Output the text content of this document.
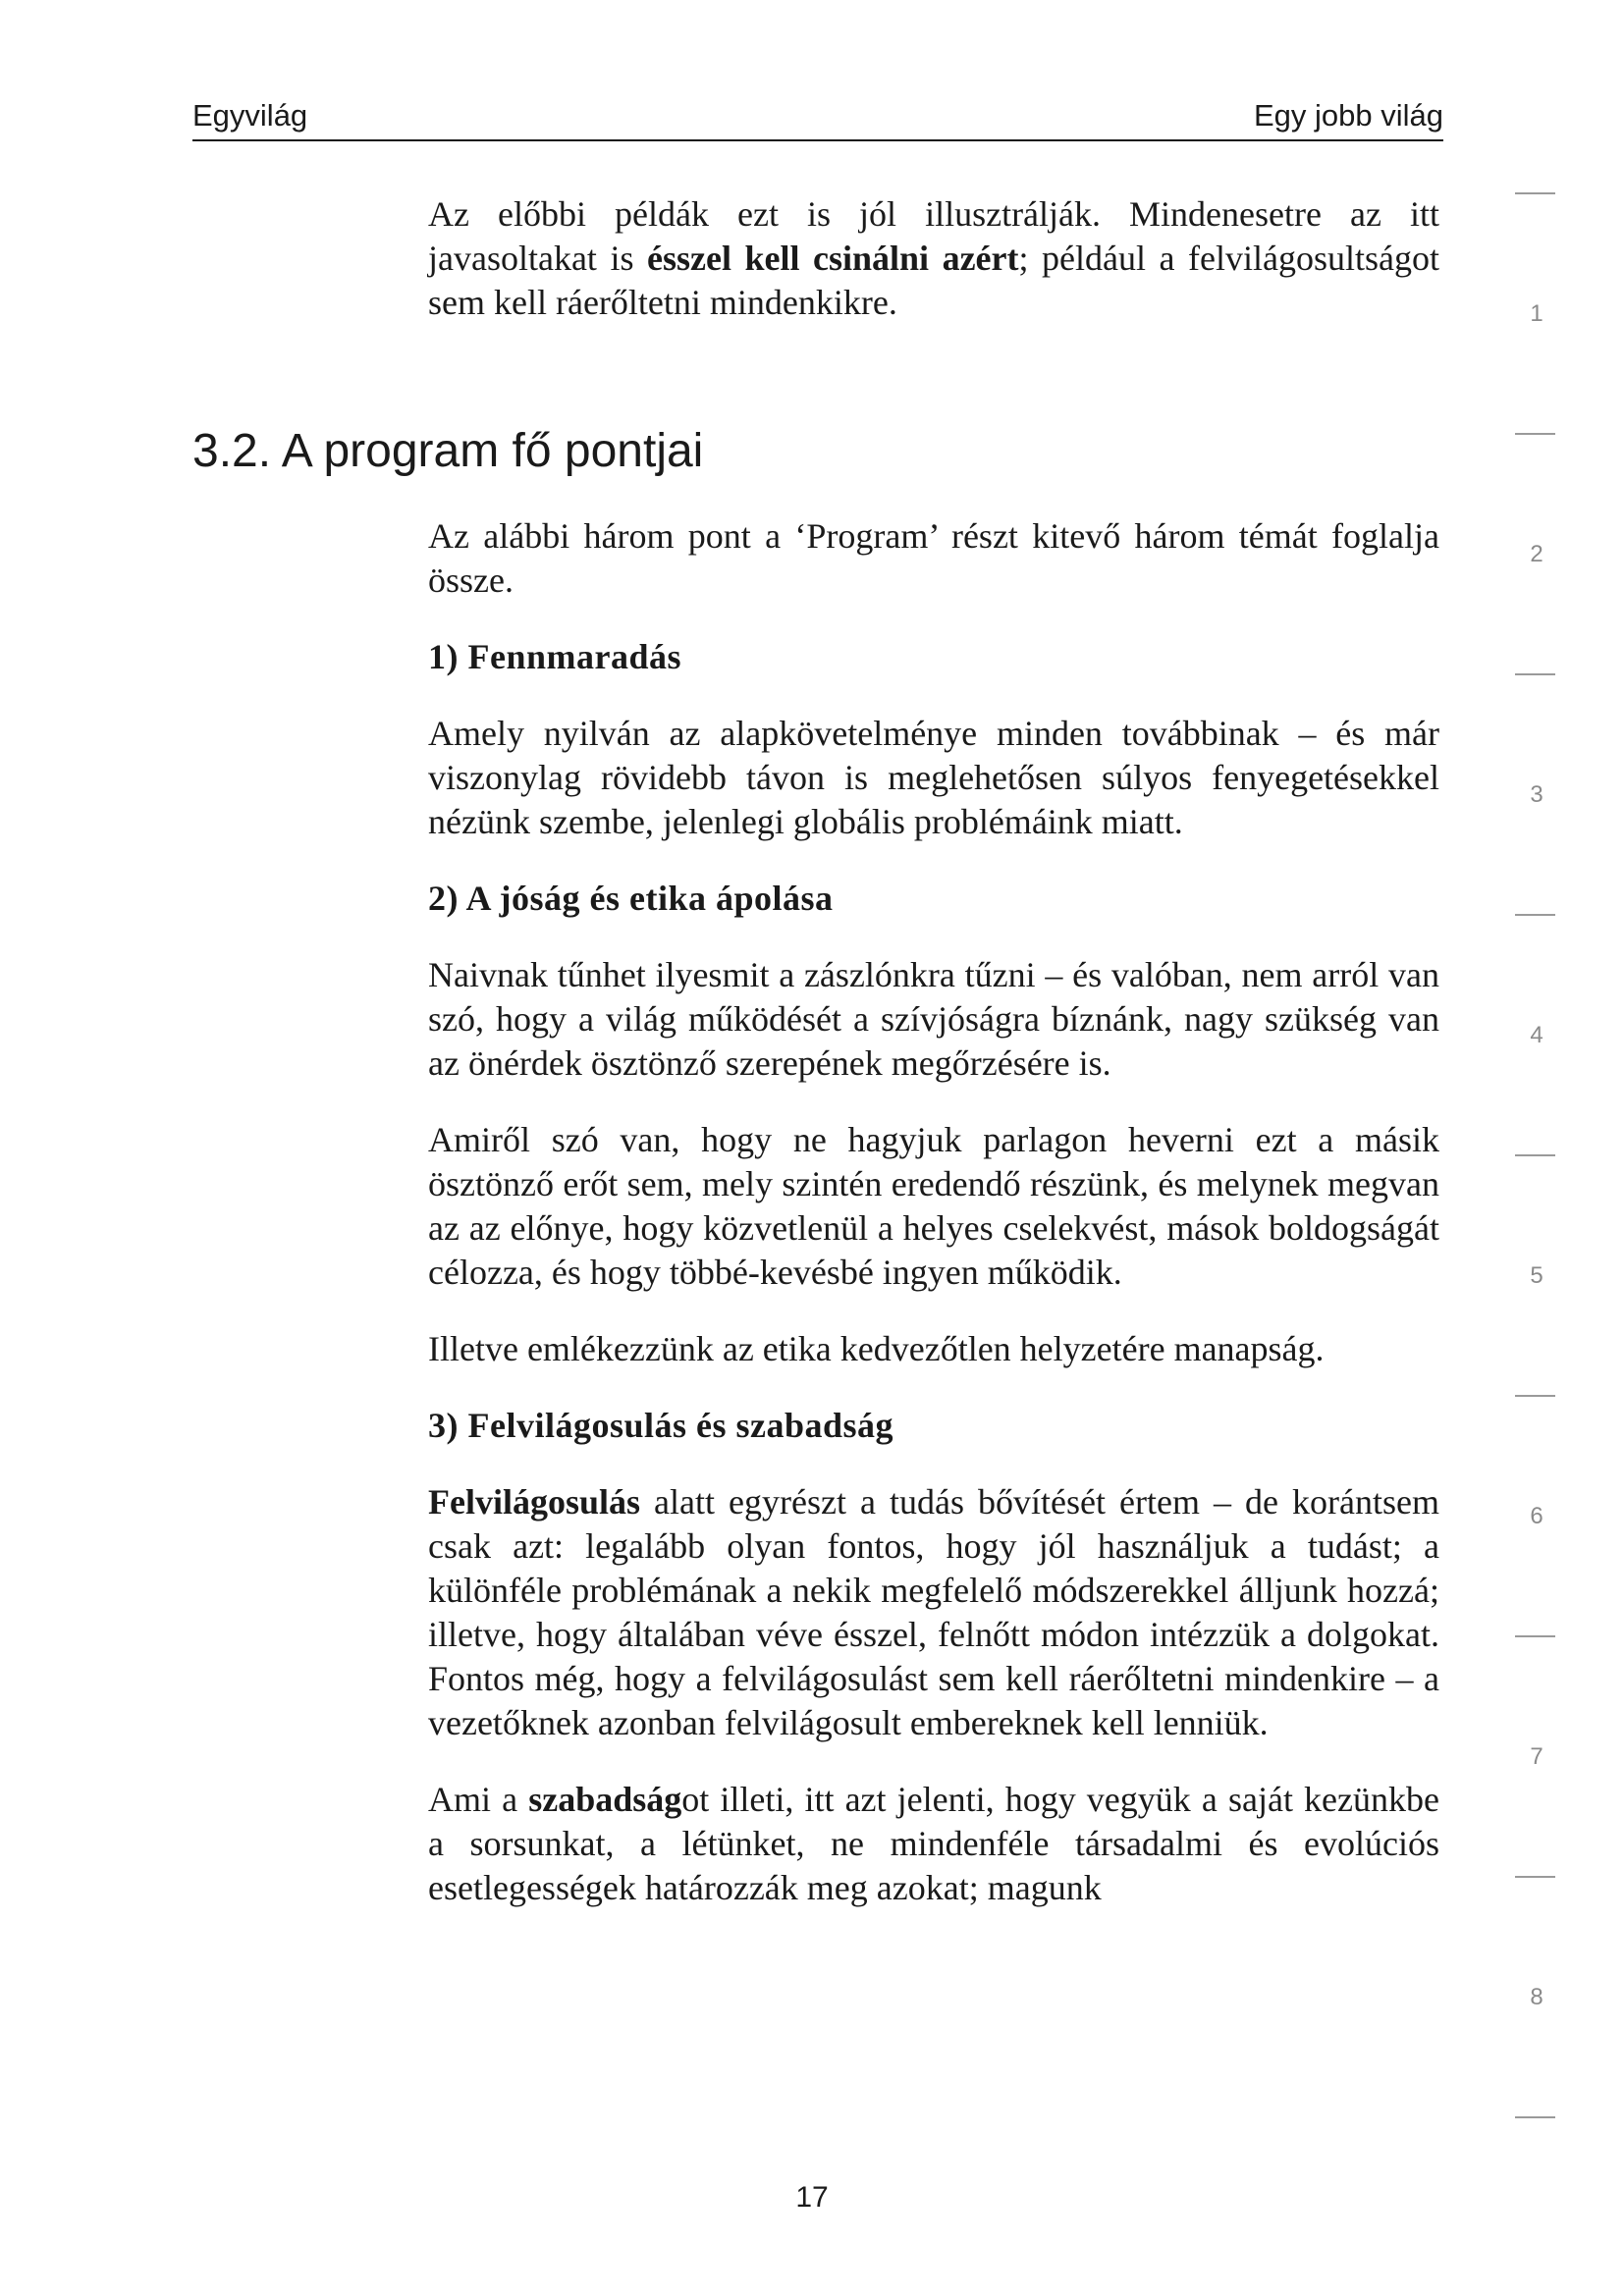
Egyvilág	Egy jobb világ

Az előbbi példák ezt is jól illusztrálják. Mindenesetre az itt javasoltakat is ésszel kell csinálni azért; például a felvilágosultságot sem kell ráerőltetni mindenkikre.

3.2. A program fő pontjai

Az alábbi három pont a ‘Program’ részt kitevő három témát foglalja össze.

1) Fennmaradás

Amely nyilván az alapkövetelménye minden továbbinak – és már viszonylag rövidebb távon is meglehetősen súlyos fenyegetésekkel nézünk szembe, jelenlegi globális problémáink miatt.

2) A jóság és etika ápolása

Naivnak tűnhet ilyesmit a zászlónkra tűzni – és valóban, nem arról van szó, hogy a világ működését a szívjóságra bíznánk, nagy szükség van az önérdek ösztönző szerepének megőrzésére is.

Amiről szó van, hogy ne hagyjuk parlagon heverni ezt a másik ösztönző erőt sem, mely szintén eredendő részünk, és melynek megvan az az előnye, hogy közvetlenül a helyes cselekvést, mások boldogságát célozza, és hogy többé-kevésbé ingyen működik.

Illetve emlékezzünk az etika kedvezőtlen helyzetére manapság.

3) Felvilágosulás és szabadság

Felvilágosulás alatt egyrészt a tudás bővítését értem – de korántsem csak azt: legalább olyan fontos, hogy jól használjuk a tudást; a különféle problémának a nekik megfelelő módszerekkel álljunk hozzá; illetve, hogy általában véve ésszel, felnőtt módon intézzük a dolgokat. Fontos még, hogy a felvilágosulást sem kell ráerőltetni mindenkire – a vezetőknek azonban felvilágosult embereknek kell lenniük.

Ami a szabadságot illeti, itt azt jelenti, hogy vegyük a saját kezünkbe a sorsunkat, a létünket, ne mindenféle társadalmi és evolúciós esetlegességek határozzák meg azokat; magunk

1
2
3
4
5
6
7
8
17
